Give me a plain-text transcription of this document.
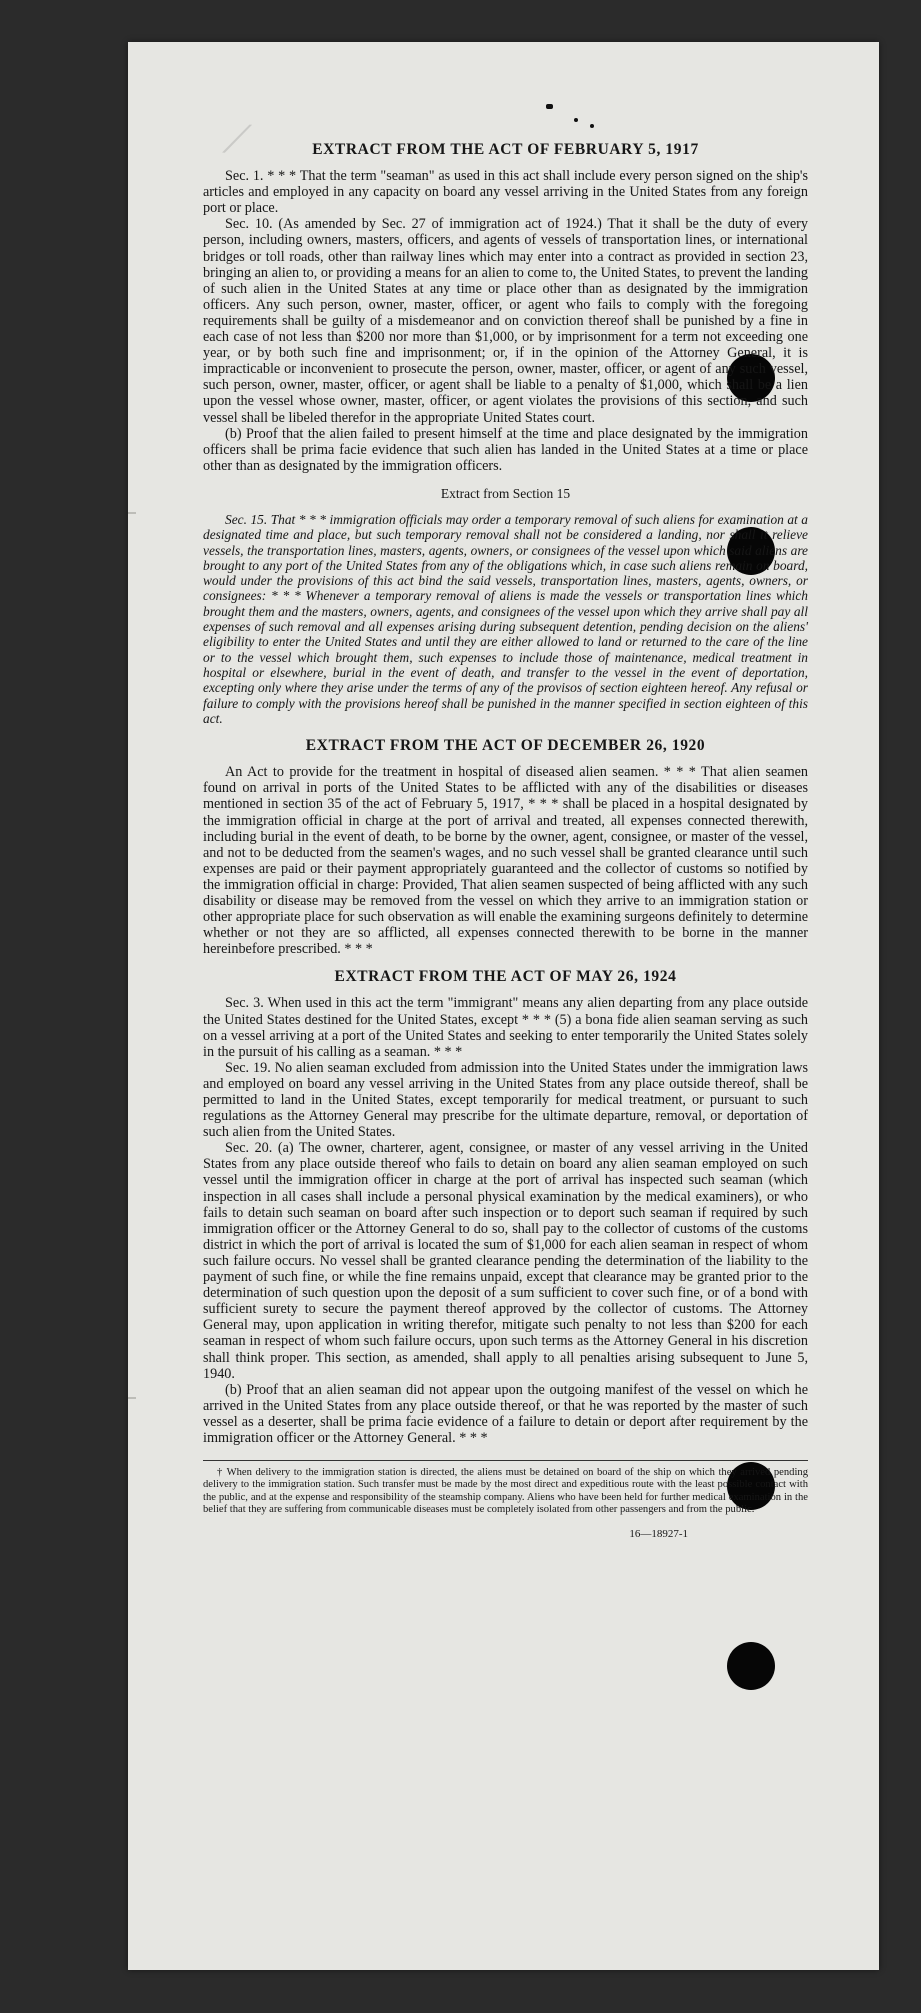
⟋	EXTRACT FROM THE ACT OF FEBRUARY 5, 1917

Sec. 1. * * * That the term "seaman" as used in this act shall include every person signed on the ship's articles and employed in any capacity on board any vessel arriving in the United States from any foreign port or place.

Sec. 10. (As amended by Sec. 27 of immigration act of 1924.) That it shall be the duty of every person, including owners, masters, officers, and agents of vessels of transportation lines, or international bridges or toll roads, other than railway lines which may enter into a contract as provided in section 23, bringing an alien to, or providing a means for an alien to come to, the United States, to prevent the landing of such alien in the United States at any time or place other than as designated by the immigration officers. Any such person, owner, master, officer, or agent who fails to comply with the foregoing requirements shall be guilty of a misdemeanor and on conviction thereof shall be punished by a fine in each case of not less than $200 nor more than $1,000, or by imprisonment for a term not exceeding one year, or by both such fine and imprisonment; or, if in the opinion of the Attorney General, it is impracticable or inconvenient to prosecute the person, owner, master, officer, or agent of any such vessel, such person, owner, master, officer, or agent shall be liable to a penalty of $1,000, which shall be a lien upon the vessel whose owner, master, officer, or agent violates the provisions of this section, and such vessel shall be libeled therefor in the appropriate United States court.

(b) Proof that the alien failed to present himself at the time and place designated by the immigration officers shall be prima facie evidence that such alien has landed in the United States at a time or place other than as designated by the immigration officers.

Extract from Section 15

Sec. 15. That * * * immigration officials may order a temporary removal of such aliens for examination at a designated time and place, but such temporary removal shall not be considered a landing, nor shall it relieve vessels, the transportation lines, masters, agents, owners, or consignees of the vessel upon which said aliens are brought to any port of the United States from any of the obligations which, in case such aliens remain on board, would under the provisions of this act bind the said vessels, transportation lines, masters, agents, owners, or consignees: * * * Whenever a temporary removal of aliens is made the vessels or transportation lines which brought them and the masters, owners, agents, and consignees of the vessel upon which they arrive shall pay all expenses of such removal and all expenses arising during subsequent detention, pending decision on the aliens' eligibility to enter the United States and until they are either allowed to land or returned to the care of the line or to the vessel which brought them, such expenses to include those of maintenance, medical treatment in hospital or elsewhere, burial in the event of death, and transfer to the vessel in the event of deportation, excepting only where they arise under the terms of any of the provisos of section eighteen hereof. Any refusal or failure to comply with the provisions hereof shall be punished in the manner specified in section eighteen of this act.

EXTRACT FROM THE ACT OF DECEMBER 26, 1920

An Act to provide for the treatment in hospital of diseased alien seamen. * * * That alien seamen found on arrival in ports of the United States to be afflicted with any of the disabilities or diseases mentioned in section 35 of the act of February 5, 1917, * * * shall be placed in a hospital designated by the immigration official in charge at the port of arrival and treated, all expenses connected therewith, including burial in the event of death, to be borne by the owner, agent, consignee, or master of the vessel, and not to be deducted from the seamen's wages, and no such vessel shall be granted clearance until such expenses are paid or their payment appropriately guaranteed and the collector of customs so notified by the immigration official in charge: Provided, That alien seamen suspected of being afflicted with any such disability or disease may be removed from the vessel on which they arrive to an immigration station or other appropriate place for such observation as will enable the examining surgeons definitely to determine whether or not they are so afflicted, all expenses connected therewith to be borne in the manner hereinbefore prescribed. * * *

EXTRACT FROM THE ACT OF MAY 26, 1924

Sec. 3. When used in this act the term "immigrant" means any alien departing from any place outside the United States destined for the United States, except * * * (5) a bona fide alien seaman serving as such on a vessel arriving at a port of the United States and seeking to enter temporarily the United States solely in the pursuit of his calling as a seaman. * * *

Sec. 19. No alien seaman excluded from admission into the United States under the immigration laws and employed on board any vessel arriving in the United States from any place outside thereof, shall be permitted to land in the United States, except temporarily for medical treatment, or pursuant to such regulations as the Attorney General may prescribe for the ultimate departure, removal, or deportation of such alien from the United States.

Sec. 20. (a) The owner, charterer, agent, consignee, or master of any vessel arriving in the United States from any place outside thereof who fails to detain on board any alien seaman employed on such vessel until the immigration officer in charge at the port of arrival has inspected such seaman (which inspection in all cases shall include a personal physical examination by the medical examiners), or who fails to detain such seaman on board after such inspection or to deport such seaman if required by such immigration officer or the Attorney General to do so, shall pay to the collector of customs of the customs district in which the port of arrival is located the sum of $1,000 for each alien seaman in respect of whom such failure occurs. No vessel shall be granted clearance pending the determination of the liability to the payment of such fine, or while the fine remains unpaid, except that clearance may be granted prior to the determination of such question upon the deposit of a sum sufficient to cover such fine, or of a bond with sufficient surety to secure the payment thereof approved by the collector of customs. The Attorney General may, upon application in writing therefor, mitigate such penalty to not less than $200 for each seaman in respect of whom such failure occurs, upon such terms as the Attorney General in his discretion shall think proper. This section, as amended, shall apply to all penalties arising subsequent to June 5, 1940.

(b) Proof that an alien seaman did not appear upon the outgoing manifest of the vessel on which he arrived in the United States from any place outside thereof, or that he was reported by the master of such vessel as a deserter, shall be prima facie evidence of a failure to detain or deport after requirement by the immigration officer or the Attorney General. * * *

† When delivery to the immigration station is directed, the aliens must be detained on board of the ship on which they arrived pending delivery to the immigration station. Such transfer must be made by the most direct and expeditious route with the least possible contact with the public, and at the expense and responsibility of the steamship company. Aliens who have been held for further medical examination in the belief that they are suffering from communicable diseases must be completely isolated from other passengers and from the public.

16—18927-1
